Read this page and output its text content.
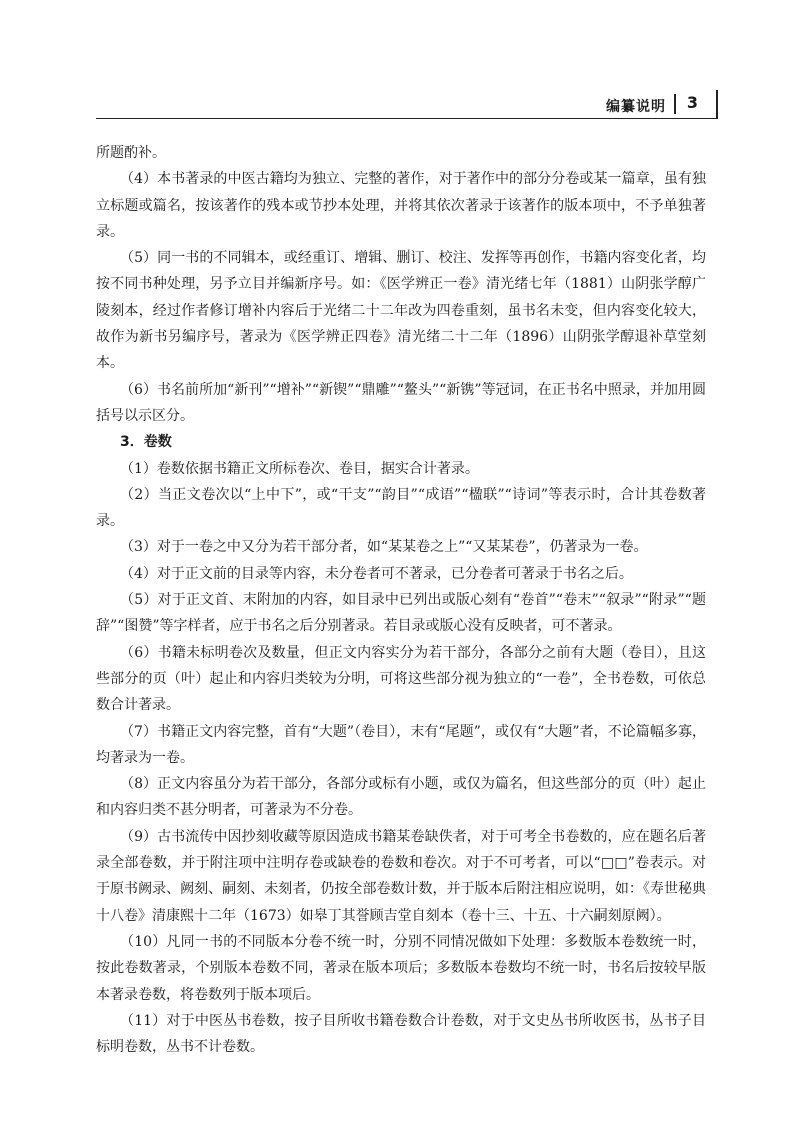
编纂说明 3

所题酌补。

（4）本书著录的中医古籍均为独立、完整的著作，对于著作中的部分分卷或某一篇章，虽有独立标题或篇名，按该著作的残本或节抄本处理，并将其依次著录于该著作的版本项中，不予单独著录。

（5）同一书的不同辑本，或经重订、增辑、删订、校注、发挥等再创作，书籍内容变化者，均按不同书种处理，另予立目并编新序号。如：《医学辨正一卷》清光绪七年（1881）山阴张学醇广陵刻本，经过作者修订增补内容后于光绪二十二年改为四卷重刻，虽书名未变，但内容变化较大，故作为新书另编序号，著录为《医学辨正四卷》清光绪二十二年（1896）山阴张学醇退补草堂刻本。

（6）书名前所加“新刊”“增补”“新锲”“鼎雕”“鳌头”“新镌”等冠词，在正书名中照录，并加用圆括号以示区分。

3．卷数

（1）卷数依据书籍正文所标卷次、卷目，据实合计著录。

（2）当正文卷次以“上中下”，或“干支”“韵目”“成语”“楹联”“诗词”等表示时，合计其卷数著录。

（3）对于一卷之中又分为若干部分者，如“某某卷之上”“又某某卷”，仍著录为一卷。

（4）对于正文前的目录等内容，未分卷者可不著录，已分卷者可著录于书名之后。

（5）对于正文首、末附加的内容，如目录中已列出或版心刻有“卷首”“卷末”“叙录”“附录”“题辞”“图赞”等字样者，应于书名之后分别著录。若目录或版心没有反映者，可不著录。

（6）书籍未标明卷次及数量，但正文内容实分为若干部分，各部分之前有大题（卷目），且这些部分的页（叶）起止和内容归类较为分明，可将这些部分视为独立的“一卷”，全书卷数，可依总数合计著录。

（7）书籍正文内容完整，首有“大题”（卷目），末有“尾题”，或仅有“大题”者，不论篇幅多寡，均著录为一卷。

（8）正文内容虽分为若干部分，各部分或标有小题，或仅为篇名，但这些部分的页（叶）起止和内容归类不甚分明者，可著录为不分卷。

（9）古书流传中因抄刻收藏等原因造成书籍某卷缺佚者，对于可考全书卷数的，应在题名后著录全部卷数，并于附注项中注明存卷或缺卷的卷数和卷次。对于不可考者，可以“□□”卷表示。对于原书阙录、阙刻、嗣刻、未刻者，仍按全部卷数计数，并于版本后附注相应说明，如：《寿世秘典十八卷》清康熙十二年（1673）如皋丁其誉顾吉堂自刻本（卷十三、十五、十六嗣刻原阙）。

（10）凡同一书的不同版本分卷不统一时，分别不同情况做如下处理：多数版本卷数统一时，按此卷数著录，个别版本卷数不同，著录在版本项后；多数版本卷数均不统一时，书名后按较早版本著录卷数，将卷数列于版本项后。

（11）对于中医丛书卷数，按子目所收书籍卷数合计卷数，对于文史丛书所收医书，丛书子目标明卷数，丛书不计卷数。
